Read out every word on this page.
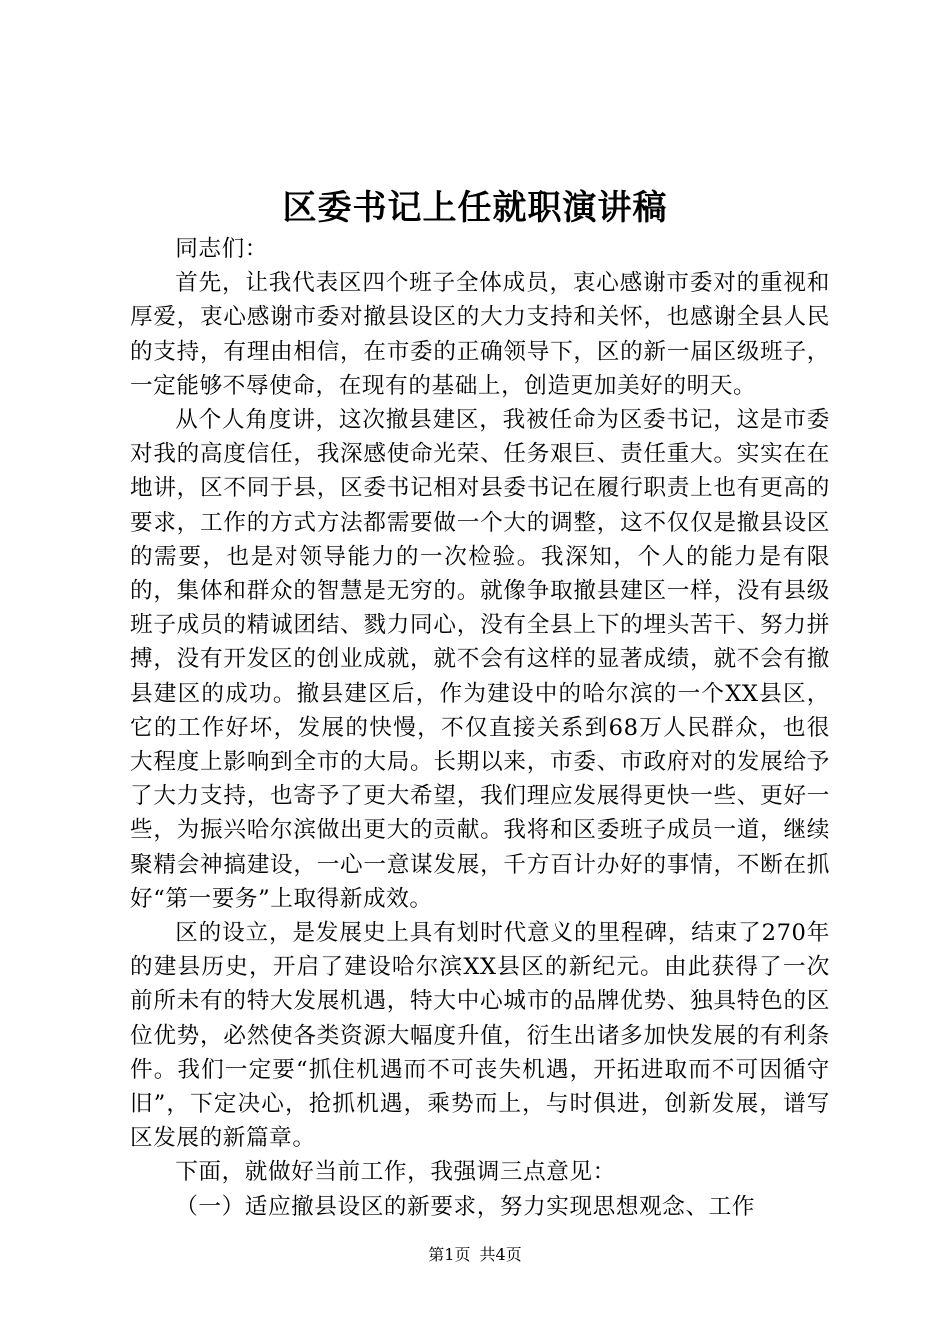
区委书记上任就职演讲稿

同志们：

首先，让我代表区四个班子全体成员，衷心感谢市委对的重视和厚爱，衷心感谢市委对撤县设区的大力支持和关怀，也感谢全县人民的支持，有理由相信，在市委的正确领导下，区的新一届区级班子，一定能够不辱使命，在现有的基础上，创造更加美好的明天。

从个人角度讲，这次撤县建区，我被任命为区委书记，这是市委对我的高度信任，我深感使命光荣、任务艰巨、责任重大。实实在在地讲，区不同于县，区委书记相对县委书记在履行职责上也有更高的要求，工作的方式方法都需要做一个大的调整，这不仅仅是撤县设区的需要，也是对领导能力的一次检验。我深知，个人的能力是有限的，集体和群众的智慧是无穷的。就像争取撤县建区一样，没有县级班子成员的精诚团结、戮力同心，没有全县上下的埋头苦干、努力拼搏，没有开发区的创业成就，就不会有这样的显著成绩，就不会有撤县建区的成功。撤县建区后，作为建设中的哈尔滨的一个XX县区，它的工作好坏，发展的快慢，不仅直接关系到68万人民群众，也很大程度上影响到全市的大局。长期以来，市委、市政府对的发展给予了大力支持，也寄予了更大希望，我们理应发展得更快一些、更好一些，为振兴哈尔滨做出更大的贡献。我将和区委班子成员一道，继续聚精会神搞建设，一心一意谋发展，千方百计办好的事情，不断在抓好“第一要务”上取得新成效。

区的设立，是发展史上具有划时代意义的里程碑，结束了270年的建县历史，开启了建设哈尔滨XX县区的新纪元。由此获得了一次前所未有的特大发展机遇，特大中心城市的品牌优势、独具特色的区位优势，必然使各类资源大幅度升值，衍生出诸多加快发展的有利条件。我们一定要“抓住机遇而不可丧失机遇，开拓进取而不可因循守旧”，下定决心，抢抓机遇，乘势而上，与时俱进，创新发展，谱写区发展的新篇章。

下面，就做好当前工作，我强调三点意见：

（一）适应撤县设区的新要求，努力实现思想观念、工作

第1页 共4页
